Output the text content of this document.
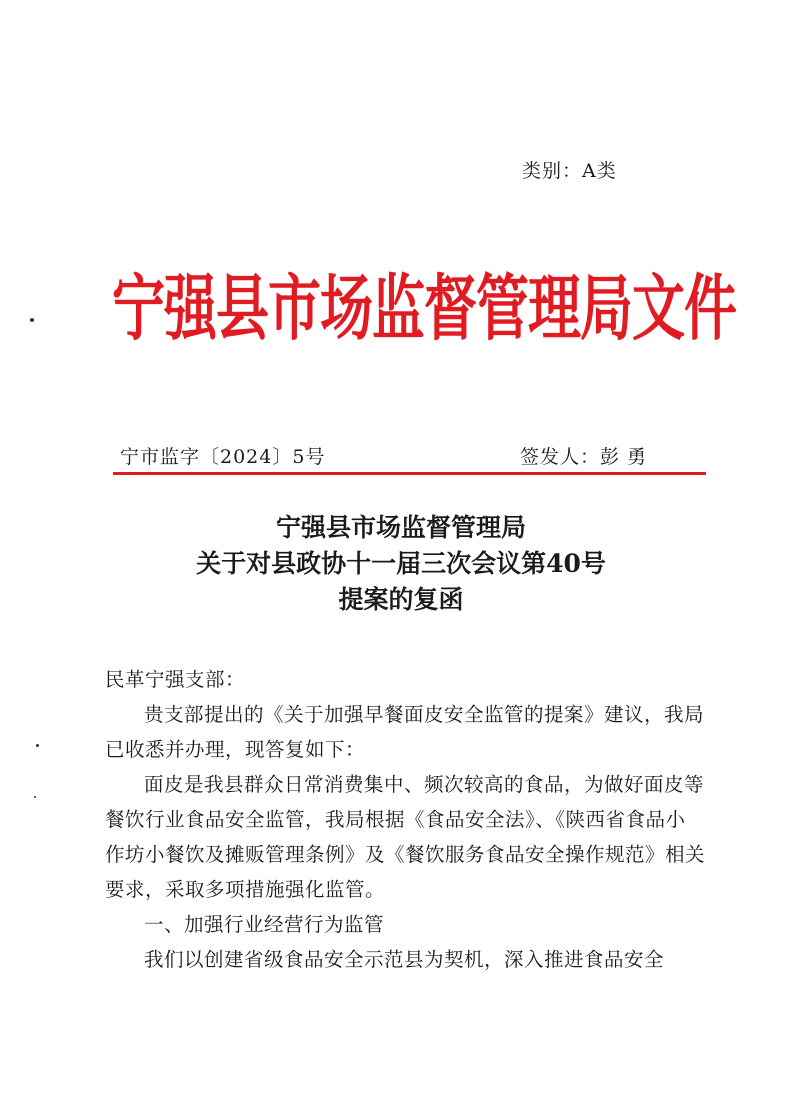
类别：A类
宁强县市场监督管理局文件
宁市监字〔2024〕5号	签发人：彭 勇
宁强县市场监督管理局
关于对县政协十一届三次会议第40号
提案的复函

民革宁强支部：

贵支部提出的《关于加强早餐面皮安全监管的提案》建议，我局已收悉并办理，现答复如下：

面皮是我县群众日常消费集中、频次较高的食品，为做好面皮等餐饮行业食品安全监管，我局根据《食品安全法》、《陕西省食品小作坊小餐饮及摊贩管理条例》及《餐饮服务食品安全操作规范》相关要求，采取多项措施强化监管。

一、加强行业经营行为监管

我们以创建省级食品安全示范县为契机，深入推进食品安全
